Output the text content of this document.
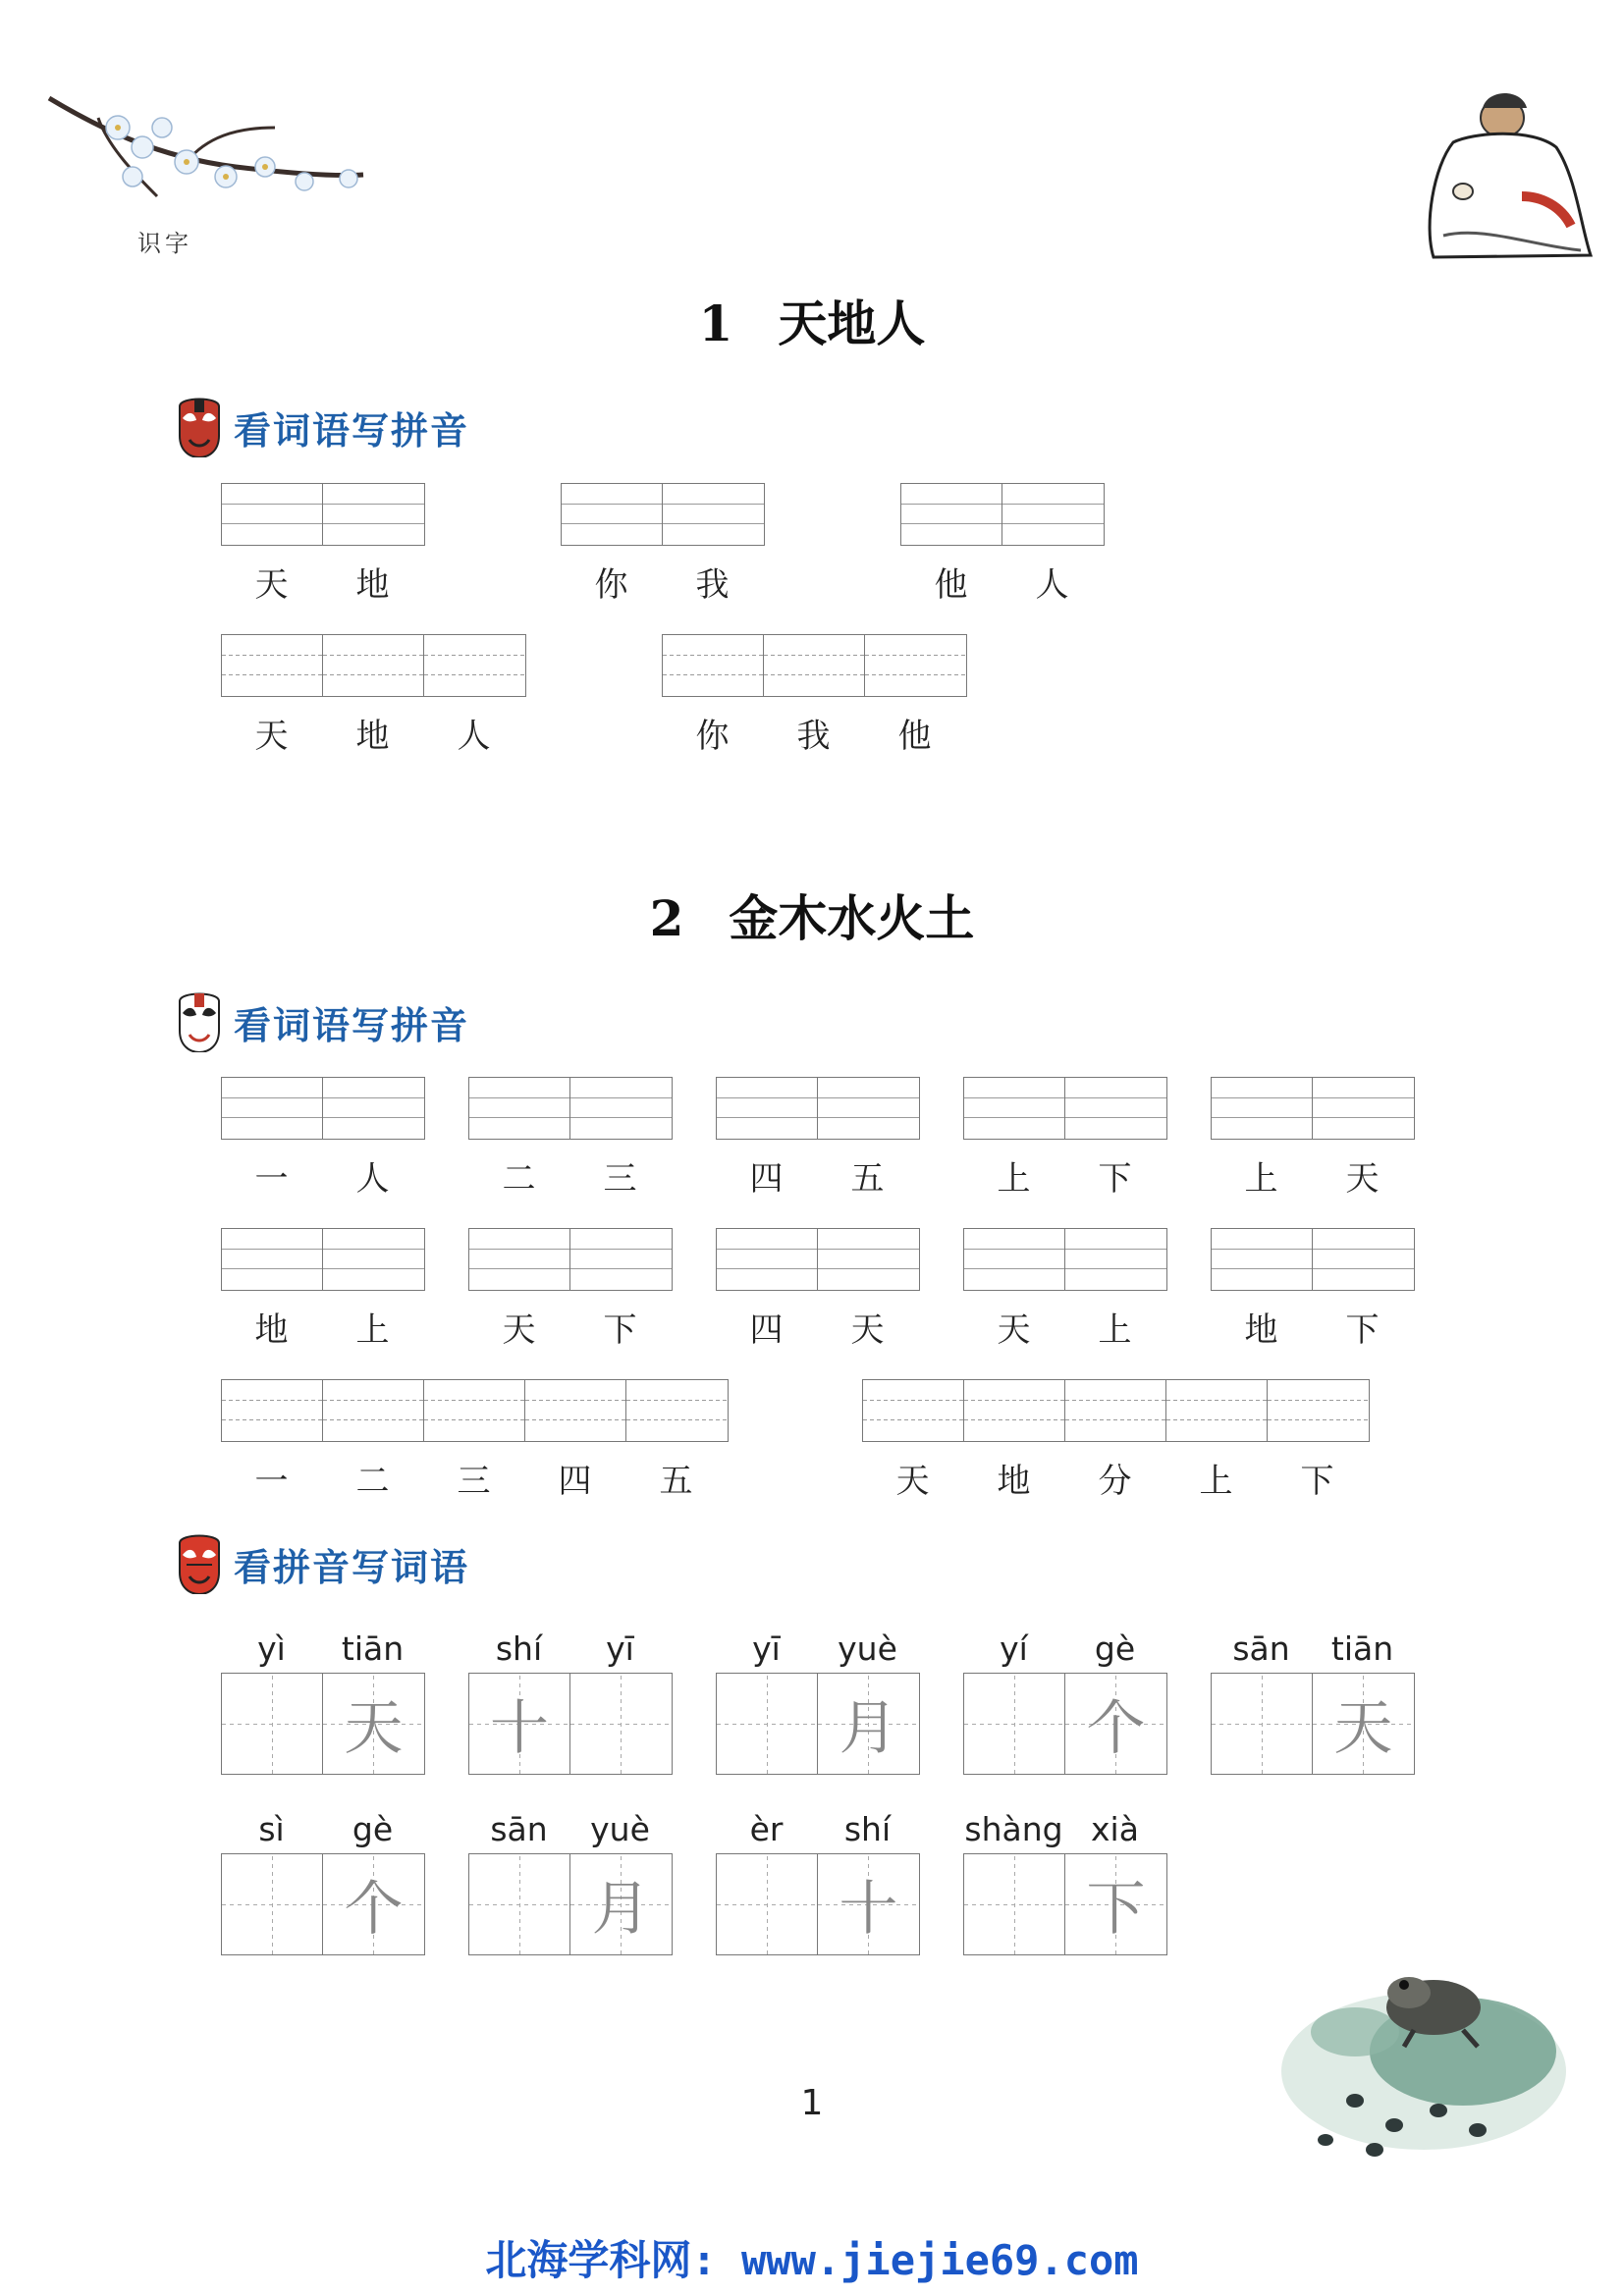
识字
1 天地人
看词语写拼音
天	地	你	我	他	人
天	地	人	你	我	他
2 金木水火土
看词语写拼音
一	人	二	三	四	五	上	下	上	天
地	上	天	下	四	天	天	上	地	下
一	二	三	四	五	天	地	分	上	下
看拼音写词语
yì	tiān
天
shí	yī
十
yī	yuè
月
yí	gè
个
sān	tiān
天
sì	gè
个
sān	yuè
月
èr	shí
十
shàng xià
下
1
北海学科网: www.jiejie69.com
